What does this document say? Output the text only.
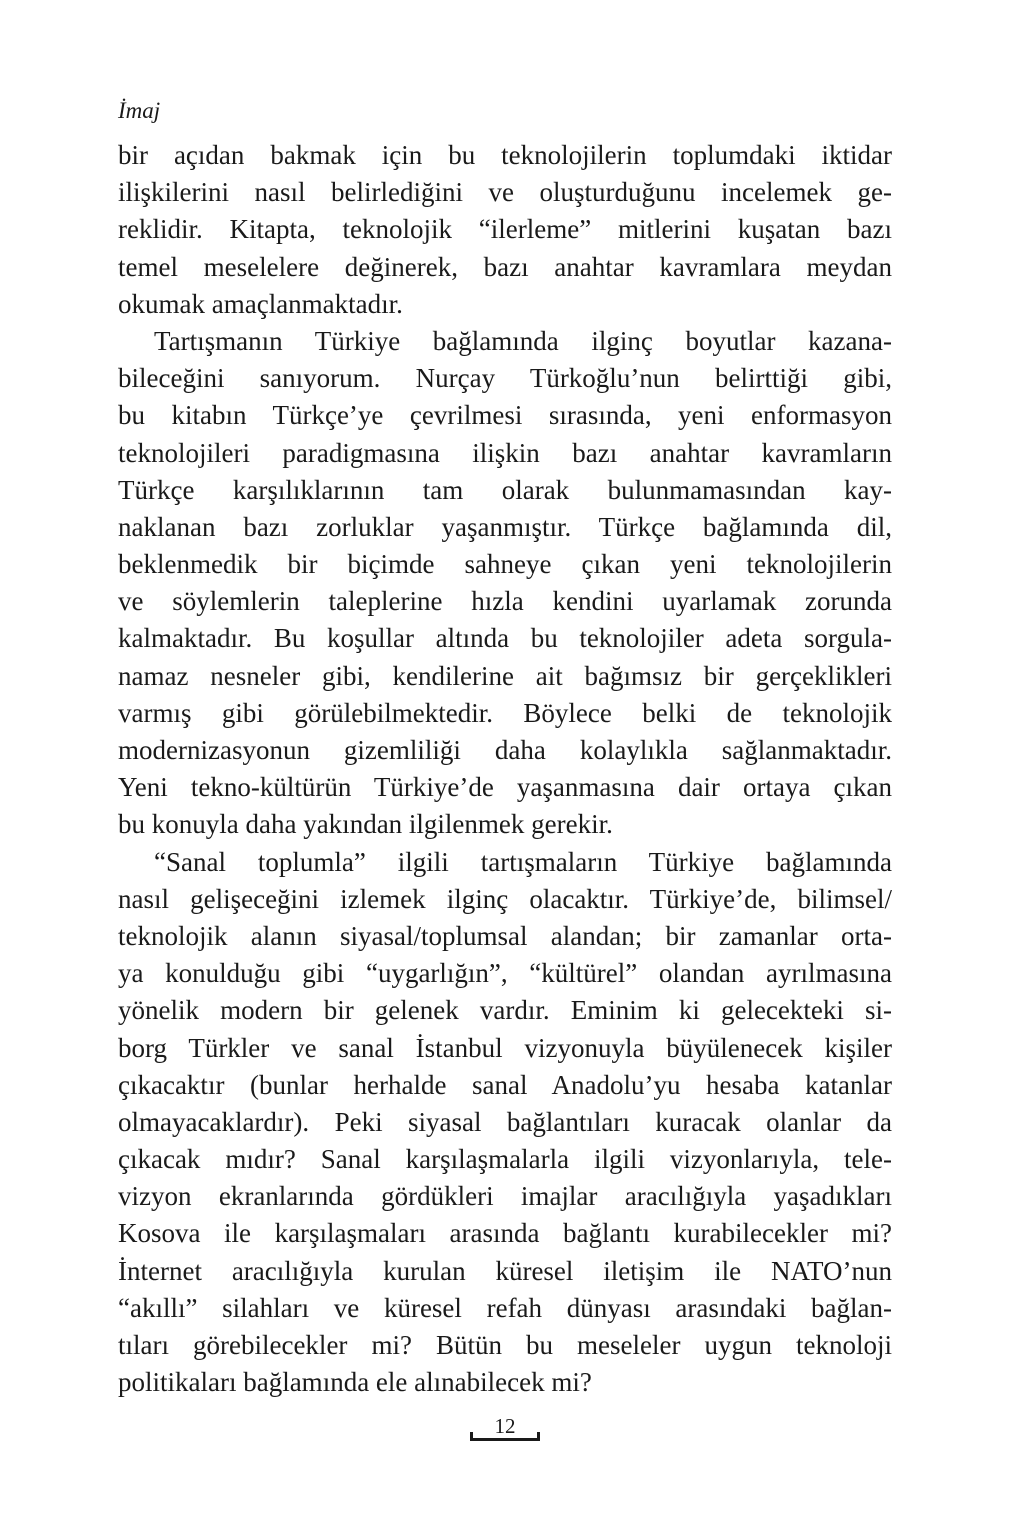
İmaj
bir açıdan bakmak için bu teknolojilerin toplumdaki iktidar
ilişkilerini nasıl belirlediğini ve oluşturduğunu incelemek ge-
reklidir. Kitapta, teknolojik “ilerleme” mitlerini kuşatan bazı
temel meselelere değinerek, bazı anahtar kavramlara meydan
okumak amaçlanmaktadır.
Tartışmanın Türkiye bağlamında ilginç boyutlar kazana-
bileceğini sanıyorum. Nurçay Türkoğlu’nun belirttiği gibi,
bu kitabın Türkçe’ye çevrilmesi sırasında, yeni enformasyon
teknolojileri paradigmasına ilişkin bazı anahtar kavramların
Türkçe karşılıklarının tam olarak bulunmamasından kay-
naklanan bazı zorluklar yaşanmıştır. Türkçe bağlamında dil,
beklenmedik bir biçimde sahneye çıkan yeni teknolojilerin
ve söylemlerin taleplerine hızla kendini uyarlamak zorunda
kalmaktadır. Bu koşullar altında bu teknolojiler adeta sorgula-
namaz nesneler gibi, kendilerine ait bağımsız bir gerçeklikleri
varmış gibi görülebilmektedir. Böylece belki de teknolojik
modernizasyonun gizemliliği daha kolaylıkla sağlanmaktadır.
Yeni tekno-kültürün Türkiye’de yaşanmasına dair ortaya çıkan
bu konuyla daha yakından ilgilenmek gerekir.
“Sanal toplumla” ilgili tartışmaların Türkiye bağlamında
nasıl gelişeceğini izlemek ilginç olacaktır. Türkiye’de, bilimsel/
teknolojik alanın siyasal/toplumsal alandan; bir zamanlar orta-
ya konulduğu gibi “uygarlığın”, “kültürel” olandan ayrılmasına
yönelik modern bir gelenek vardır. Eminim ki gelecekteki si-
borg Türkler ve sanal İstanbul vizyonuyla büyülenecek kişiler
çıkacaktır (bunlar herhalde sanal Anadolu’yu hesaba katanlar
olmayacaklardır). Peki siyasal bağlantıları kuracak olanlar da
çıkacak mıdır? Sanal karşılaşmalarla ilgili vizyonlarıyla, tele-
vizyon ekranlarında gördükleri imajlar aracılığıyla yaşadıkları
Kosova ile karşılaşmaları arasında bağlantı kurabilecekler mi?
İnternet aracılığıyla kurulan küresel iletişim ile NATO’nun
“akıllı” silahları ve küresel refah dünyası arasındaki bağlan-
tıları görebilecekler mi? Bütün bu meseleler uygun teknoloji
politikaları bağlamında ele alınabilecek mi?
12
